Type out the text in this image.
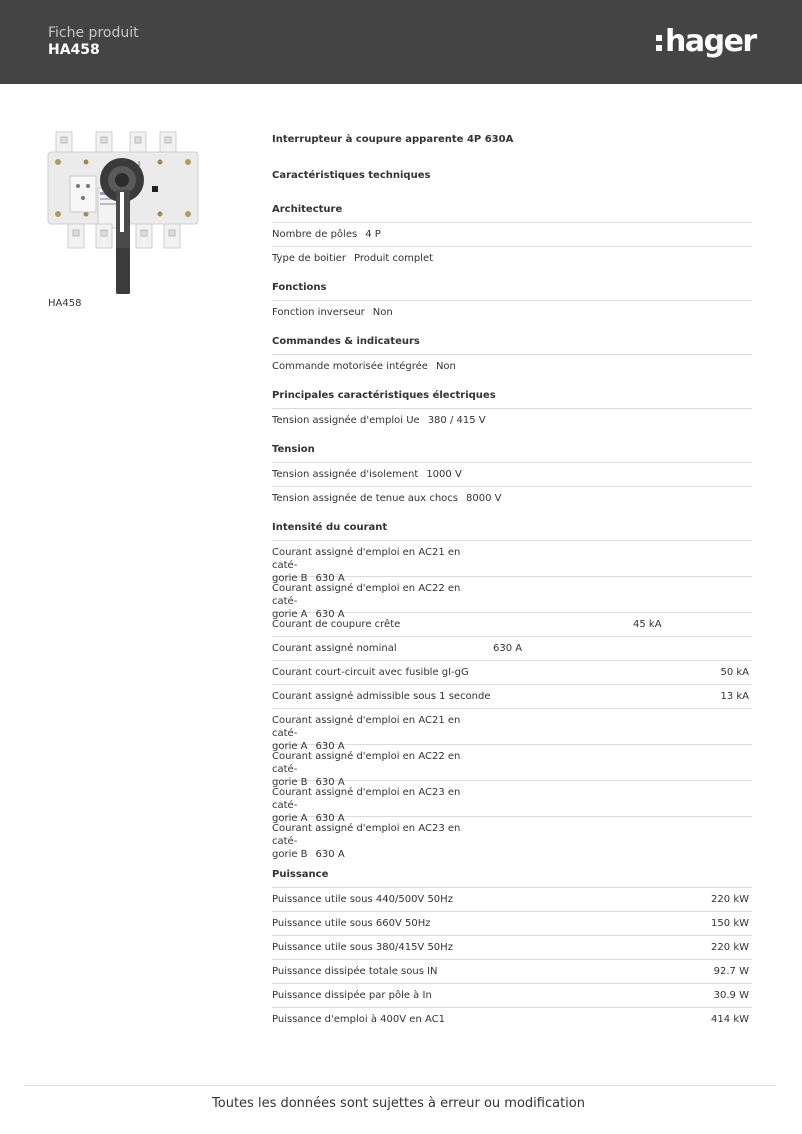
Fiche produit
HA458	hager
O
I
HA458
Interrupteur à coupure apparente 4P 630A
Caractéristiques techniques
Architecture
Nombre de pôles 4 P
Type de boitier Produit complet
Fonctions
Fonction inverseur Non
Commandes & indicateurs
Commande motorisée intégrée Non
Principales caractéristiques électriques
Tension assignée d'emploi Ue 380 / 415 V
Tension
Tension assignée d'isolement 1000 V
Tension assignée de tenue aux chocs 8000 V
Intensité du courant
Courant assigné d'emploi en AC21 en caté-
gorie B 630 A
Courant assigné d'emploi en AC22 en caté-
gorie A 630 A
Courant de coupure crête	45 kA
Courant assigné nominal	630 A
Courant court-circuit avec fusible gI-gG	50 kA
Courant assigné admissible sous 1 seconde	13 kA
Courant assigné d'emploi en AC21 en caté-
gorie A 630 A
Courant assigné d'emploi en AC22 en caté-
gorie B 630 A
Courant assigné d'emploi en AC23 en caté-
gorie A 630 A
Courant assigné d'emploi en AC23 en caté-
gorie B 630 A
Puissance
Puissance utile sous 440/500V 50Hz	220 kW
Puissance utile sous 660V 50Hz	150 kW
Puissance utile sous 380/415V 50Hz	220 kW
Puissance dissipée totale sous IN	92.7 W
Puissance dissipée par pôle à In	30.9 W
Puissance d'emploi à 400V en AC1	414 kW
Toutes les données sont sujettes à erreur ou modification
